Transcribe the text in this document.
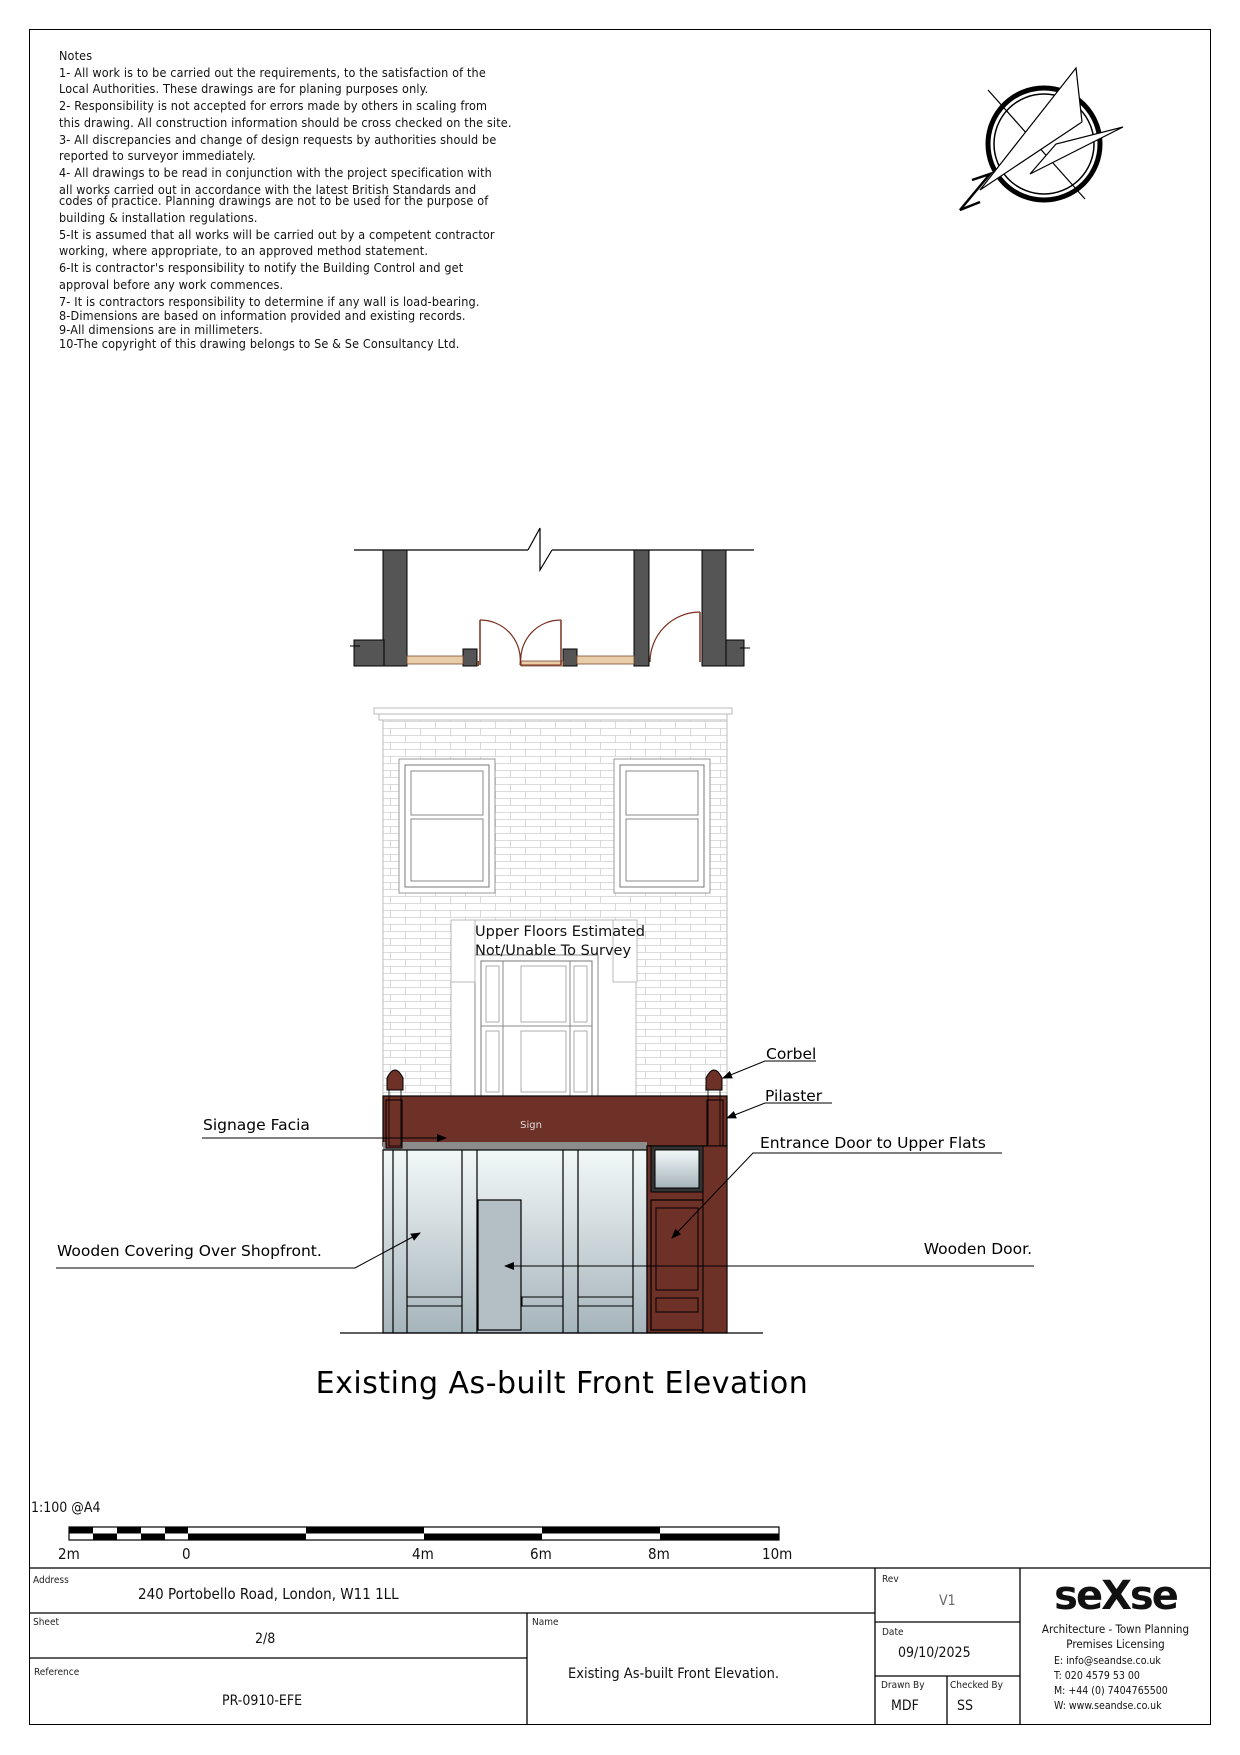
Notes
1- All work is to be carried out the requirements, to the satisfaction of the
Local Authorities. These drawings are for planing purposes only.
2- Responsibility is not accepted for errors made by others in scaling from
this drawing. All construction information should be cross checked on the site.
3- All discrepancies and change of design requests by authorities should be
reported to surveyor immediately.
4- All drawings to be read in conjunction with the project specification with
all works carried out in accordance with the latest British Standards and
codes of practice. Planning drawings are not to be used for the purpose of
building & installation regulations.
5-It is assumed that all works will be carried out by a competent contractor
working, where appropriate, to an approved method statement.
6-It is contractor's responsibility to notify the Building Control and get
approval before any work commences.
7- It is contractors responsibility to determine if any wall is load-bearing.
8-Dimensions are based on information provided and existing records.
9-All dimensions are in millimeters.
10-The copyright of this drawing belongs to Se & Se Consultancy Ltd.
Sign
Upper Floors Estimated
Not/Unable To Survey
Corbel
Pilaster
Signage Facia
Entrance Door to Upper Flats
Wooden Covering Over Shopfront.	Wooden Door.
Existing As-built Front Elevation
1:100 @A4
2m	0	4m	6m	8m	10m
Address
240 Portobello Road, London, W11 1LL
Sheet
2/8
Reference
PR-0910-EFE
Name
Existing As-built Front Elevation.
Rev
V1
Date
09/10/2025
Drawn By
MDF
Checked By
SS
seXse
Architecture - Town Planning
Premises Licensing
E: info@seandse.co.uk
T: 020 4579 53 00
M: +44 (0) 7404765500
W: www.seandse.co.uk
